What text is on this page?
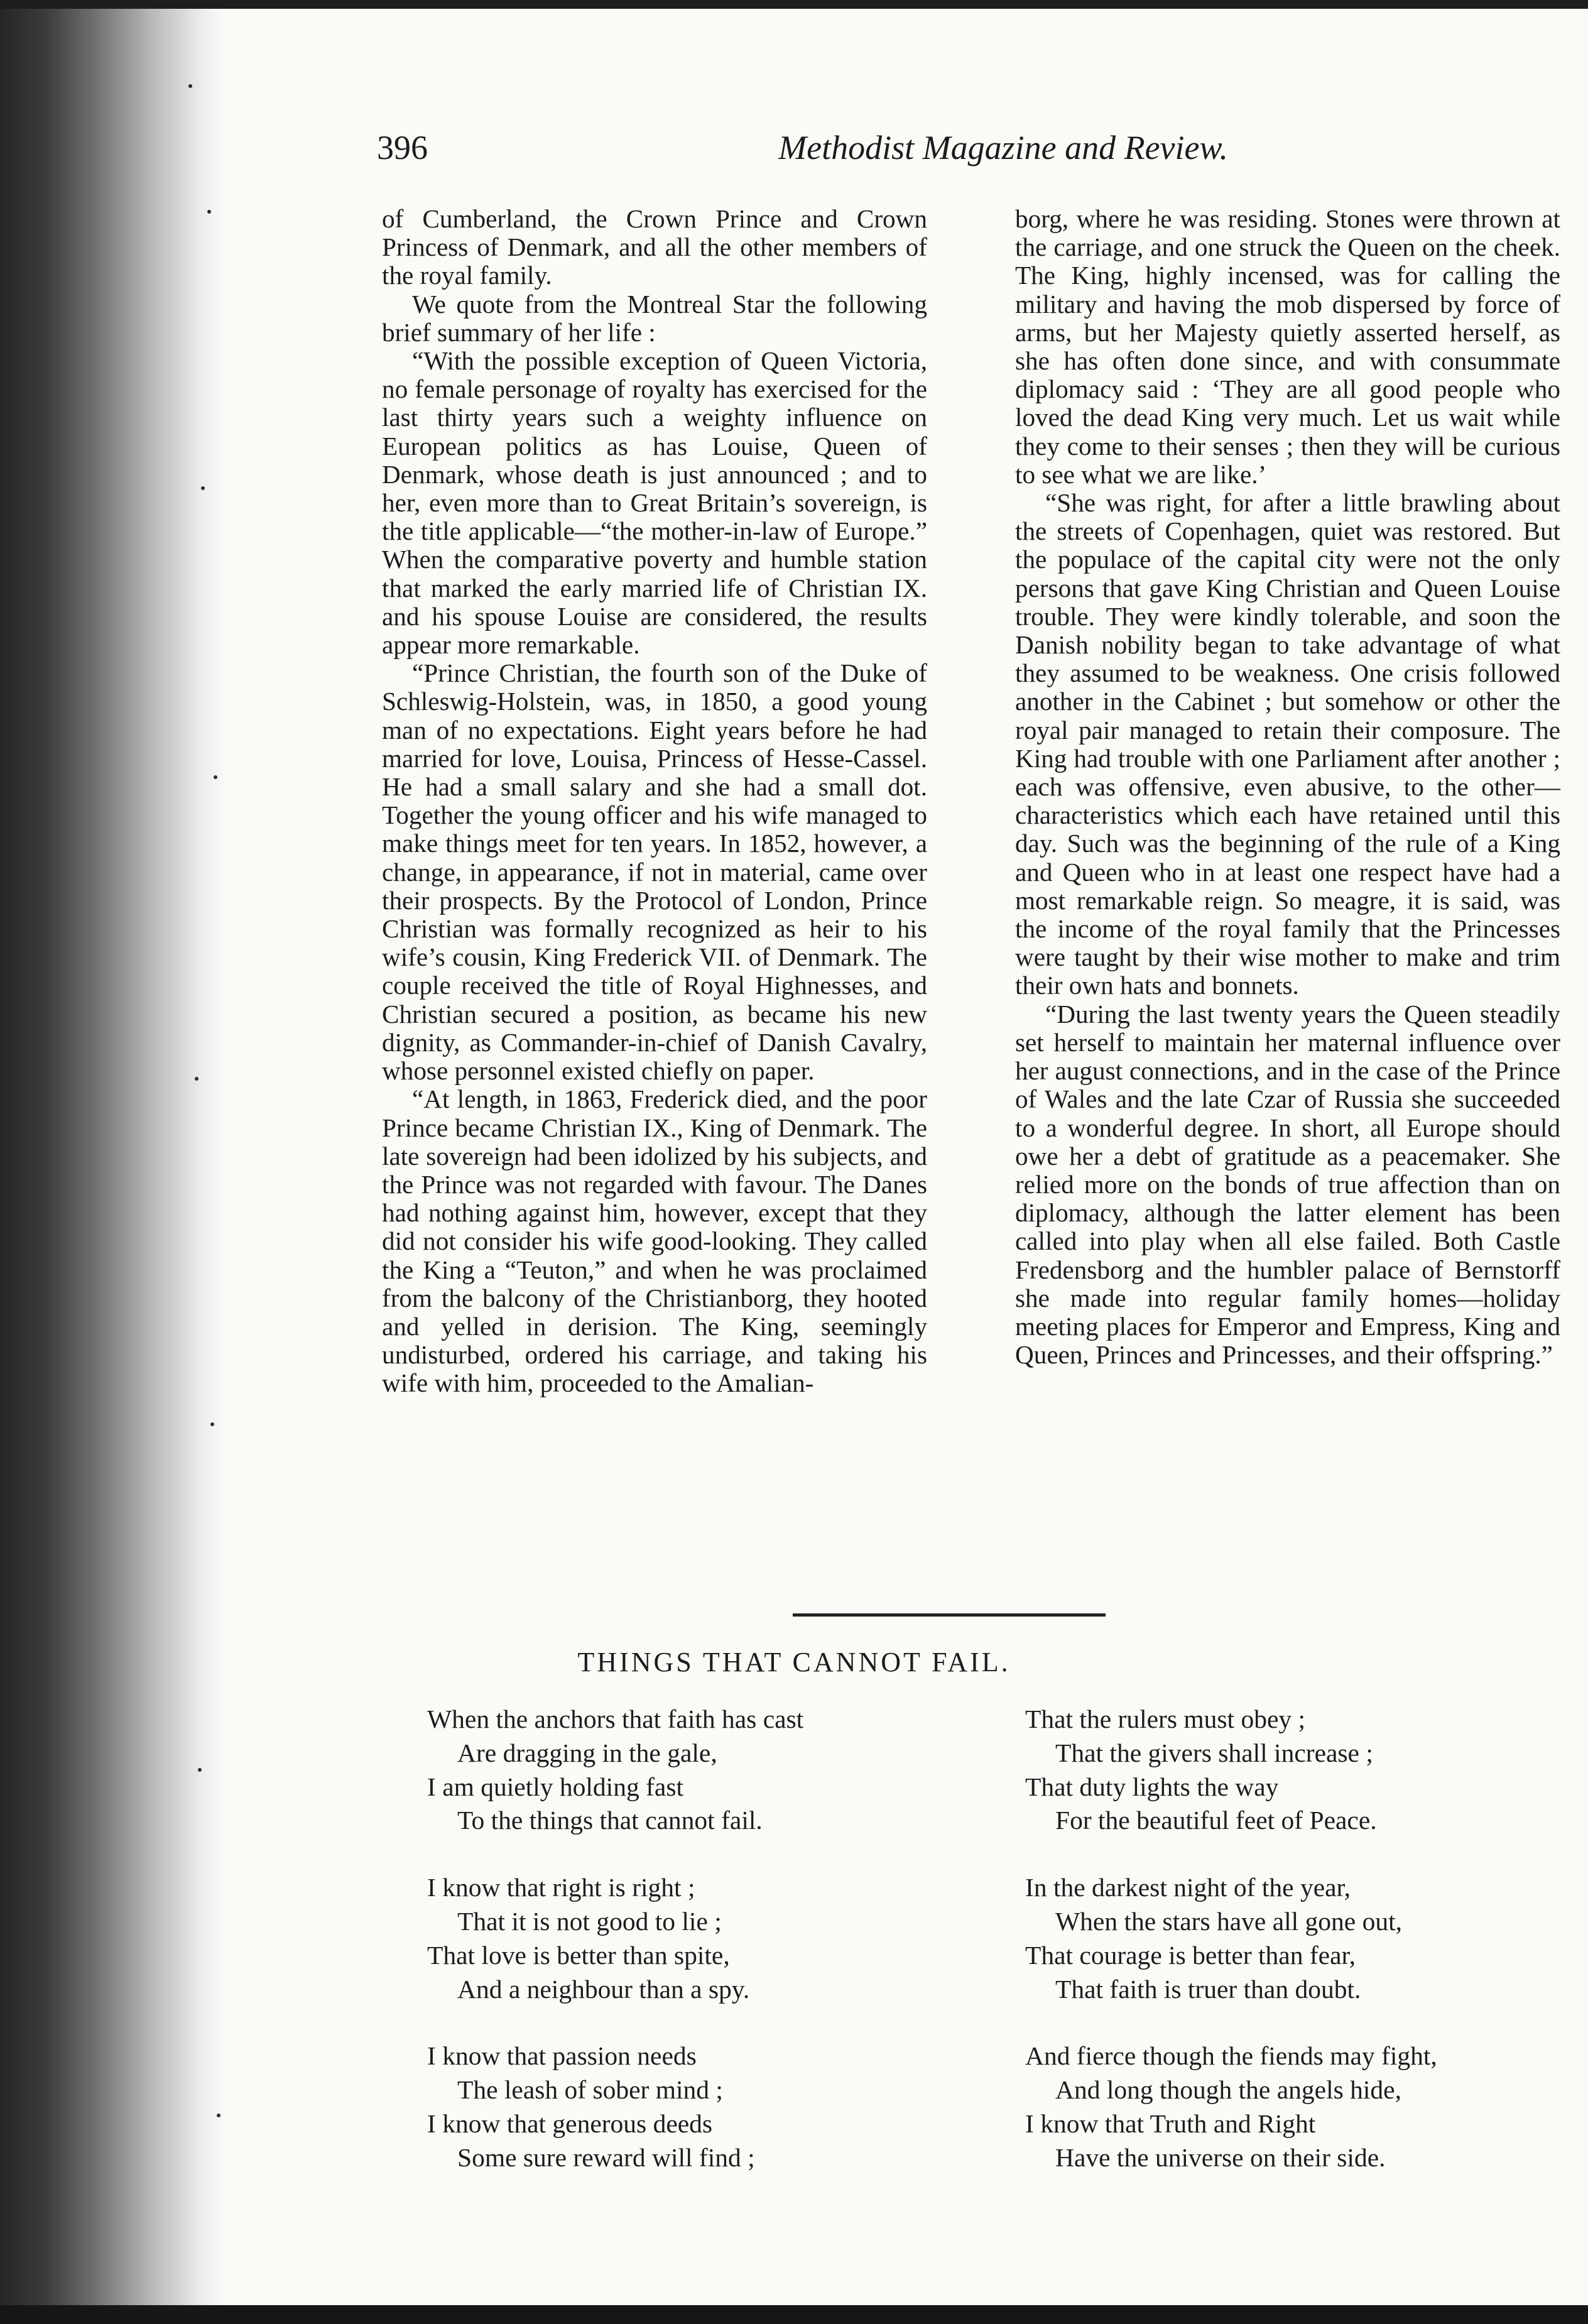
396	Methodist Magazine and Review.

of Cumberland, the Crown Prince and Crown Princess of Denmark, and all the other members of the royal family.

We quote from the Montreal Star the following brief summary of her life :

“With the possible exception of Queen Victoria, no female personage of royalty has exercised for the last thirty years such a weighty influence on European politics as has Louise, Queen of Denmark, whose death is just announced ; and to her, even more than to Great Britain’s sovereign, is the title applicable—“the mother-in-law of Europe.” When the comparative poverty and humble station that marked the early married life of Christian IX. and his spouse Louise are considered, the results appear more remarkable.

“Prince Christian, the fourth son of the Duke of Schleswig-Holstein, was, in 1850, a good young man of no expectations. Eight years before he had married for love, Louisa, Princess of Hesse-Cassel. He had a small salary and she had a small dot. Together the young officer and his wife managed to make things meet for ten years. In 1852, however, a change, in appearance, if not in material, came over their prospects. By the Protocol of London, Prince Christian was formally recognized as heir to his wife’s cousin, King Frederick VII. of Denmark. The couple received the title of Royal Highnesses, and Christian secured a position, as became his new dignity, as Commander-in-chief of Danish Cavalry, whose personnel existed chiefly on paper.

“At length, in 1863, Frederick died, and the poor Prince became Christian IX., King of Denmark. The late sovereign had been idolized by his subjects, and the Prince was not regarded with favour. The Danes had nothing against him, however, except that they did not consider his wife good-looking. They called the King a “Teuton,” and when he was proclaimed from the balcony of the Christianborg, they hooted and yelled in derision. The King, seemingly undisturbed, ordered his carriage, and taking his wife with him, proceeded to the Amalian-

borg, where he was residing. Stones were thrown at the carriage, and one struck the Queen on the cheek. The King, highly incensed, was for calling the military and having the mob dispersed by force of arms, but her Majesty quietly asserted herself, as she has often done since, and with consummate diplomacy said : ‘They are all good people who loved the dead King very much. Let us wait while they come to their senses ; then they will be curious to see what we are like.’

“She was right, for after a little brawling about the streets of Copenhagen, quiet was restored. But the populace of the capital city were not the only persons that gave King Christian and Queen Louise trouble. They were kindly tolerable, and soon the Danish nobility began to take advantage of what they assumed to be weakness. One crisis followed another in the Cabinet ; but somehow or other the royal pair managed to retain their composure. The King had trouble with one Parliament after another ; each was offensive, even abusive, to the other—characteristics which each have retained until this day. Such was the beginning of the rule of a King and Queen who in at least one respect have had a most remarkable reign. So meagre, it is said, was the income of the royal family that the Princesses were taught by their wise mother to make and trim their own hats and bonnets.

“During the last twenty years the Queen steadily set herself to maintain her maternal influence over her august connections, and in the case of the Prince of Wales and the late Czar of Russia she succeeded to a wonderful degree. In short, all Europe should owe her a debt of gratitude as a peacemaker. She relied more on the bonds of true affection than on diplomacy, although the latter element has been called into play when all else failed. Both Castle Fredensborg and the humbler palace of Bernstorff she made into regular family homes—holiday meeting places for Emperor and Empress, King and Queen, Princes and Princesses, and their offspring.”

THINGS THAT CANNOT FAIL.
When the anchors that faith has cast
Are dragging in the gale,
I am quietly holding fast
To the things that cannot fail.
I know that right is right ;
That it is not good to lie ;
That love is better than spite,
And a neighbour than a spy.
I know that passion needs
The leash of sober mind ;
I know that generous deeds
Some sure reward will find ;
That the rulers must obey ;
That the givers shall increase ;
That duty lights the way
For the beautiful feet of Peace.
In the darkest night of the year,
When the stars have all gone out,
That courage is better than fear,
That faith is truer than doubt.
And fierce though the fiends may fight,
And long though the angels hide,
I know that Truth and Right
Have the universe on their side.
